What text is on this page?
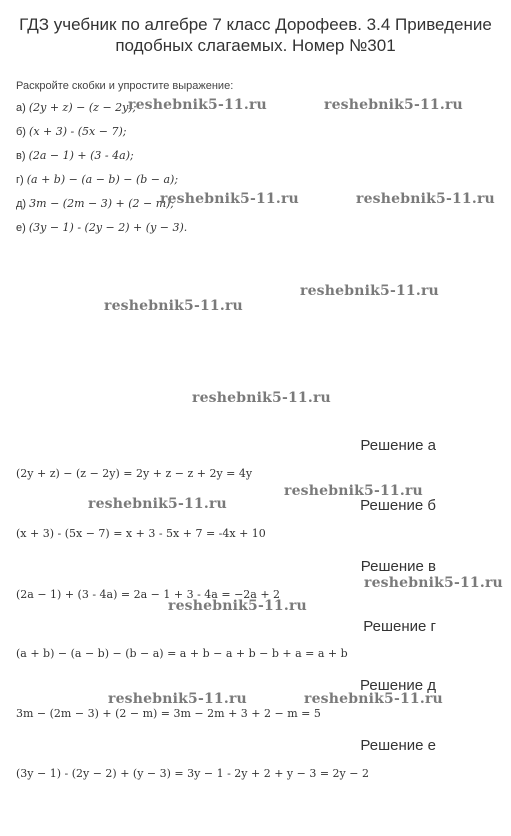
ГДЗ учебник по алгебре 7 класс Дорофеев. 3.4 Приведение
подобных слагаемых. Номер №301
Раскройте скобки и упростите выражение:
а) (2y + z) − (z − 2y);
б) (x + 3) - (5x − 7);
в) (2a − 1) + (3 - 4a);
г) (a + b) − (a − b) − (b − a);
д) 3m − (2m − 3) + (2 − m);
е) (3y − 1) - (2y − 2) + (y − 3).
reshebnik5-11.ru	reshebnik5-11.ru
reshebnik5-11.ru	reshebnik5-11.ru
reshebnik5-11.ru
reshebnik5-11.ru
reshebnik5-11.ru
reshebnik5-11.ru
reshebnik5-11.ru
reshebnik5-11.ru
reshebnik5-11.ru
reshebnik5-11.ru	reshebnik5-11.ru
Решение а
(2y + z) − (z − 2y) = 2y + z − z + 2y = 4y
Решение б
(x + 3) - (5x − 7) = x + 3 - 5x + 7 = -4x + 10
Решение в
(2a − 1) + (3 - 4a) = 2a − 1 + 3 - 4a = −2a + 2
Решение г
(a + b) − (a − b) − (b − a) = a + b − a + b − b + a = a + b
Решение д
3m − (2m − 3) + (2 − m) = 3m − 2m + 3 + 2 − m = 5
Решение е
(3y − 1) - (2y − 2) + (y − 3) = 3y − 1 - 2y + 2 + y − 3 = 2y − 2
